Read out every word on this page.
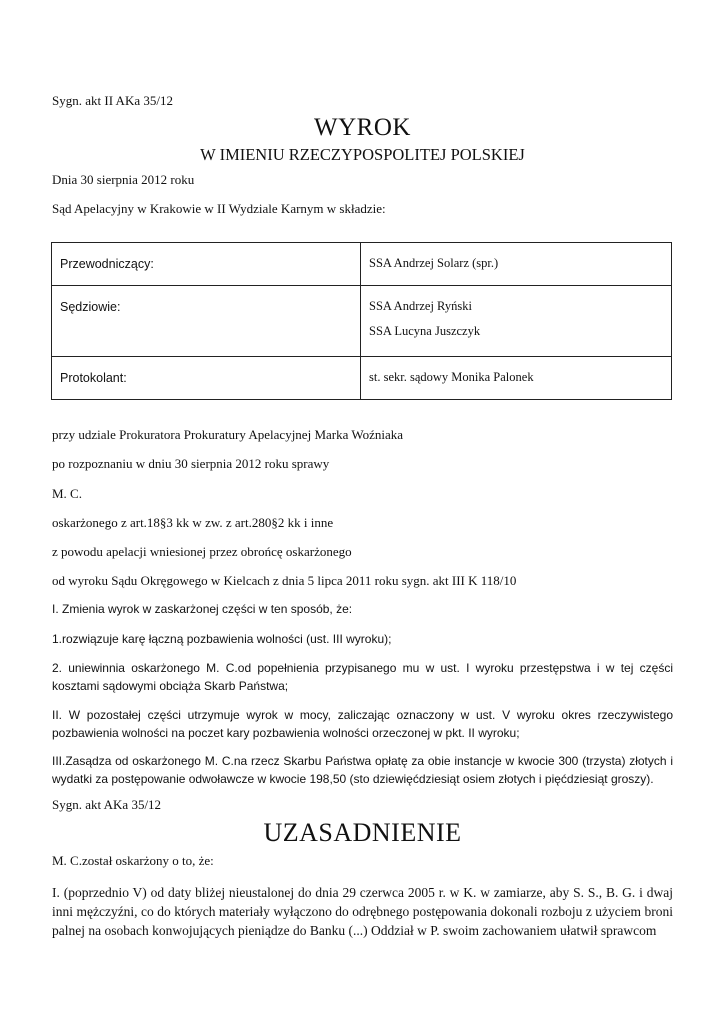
Sygn. akt II AKa 35/12
WYROK
W IMIENIU RZECZYPOSPOLITEJ POLSKIEJ
Dnia 30 sierpnia 2012 roku
Sąd Apelacyjny w Krakowie w II Wydziale Karnym w składzie:
Przewodniczący:	SSA Andrzej Solarz (spr.)

Sędziowie:	SSA Andrzej Ryński
SSA Lucyna Juszczyk

Protokolant:	st. sekr. sądowy Monika Palonek
przy udziale Prokuratora Prokuratury Apelacyjnej Marka Woźniaka
po rozpoznaniu w dniu 30 sierpnia 2012 roku sprawy
M. C.
oskarżonego z art.18§3 kk w zw. z art.280§2 kk i inne
z powodu apelacji wniesionej przez obrońcę oskarżonego
od wyroku Sądu Okręgowego w Kielcach z dnia 5 lipca 2011 roku sygn. akt III K 118/10
I. Zmienia wyrok w zaskarżonej części w ten sposób, że:
1.rozwiązuje karę łączną pozbawienia wolności (ust. III wyroku);
2. uniewinnia oskarżonego M. C.od popełnienia przypisanego mu w ust. I wyroku przestępstwa i w tej części kosztami sądowymi obciąża Skarb Państwa;
II. W pozostałej części utrzymuje wyrok w mocy, zaliczając oznaczony w ust. V wyroku okres rzeczywistego pozbawienia wolności na poczet kary pozbawienia wolności orzeczonej w pkt. II wyroku;
III.Zasądza od oskarżonego M. C.na rzecz Skarbu Państwa opłatę za obie instancje w kwocie 300 (trzysta) złotych i wydatki za postępowanie odwoławcze w kwocie 198,50 (sto dziewięćdziesiąt osiem złotych i pięćdziesiąt groszy).
Sygn. akt AKa 35/12
UZASADNIENIE
M. C.został oskarżony o to, że:
I. (poprzednio V) od daty bliżej nieustalonej do dnia 29 czerwca 2005 r. w K. w zamiarze, aby S. S., B. G. i dwaj inni mężczyźni, co do których materiały wyłączono do odrębnego postępowania dokonali rozboju z użyciem broni palnej na osobach konwojujących pieniądze do Banku (...) Oddział w P. swoim zachowaniem ułatwił sprawcom
